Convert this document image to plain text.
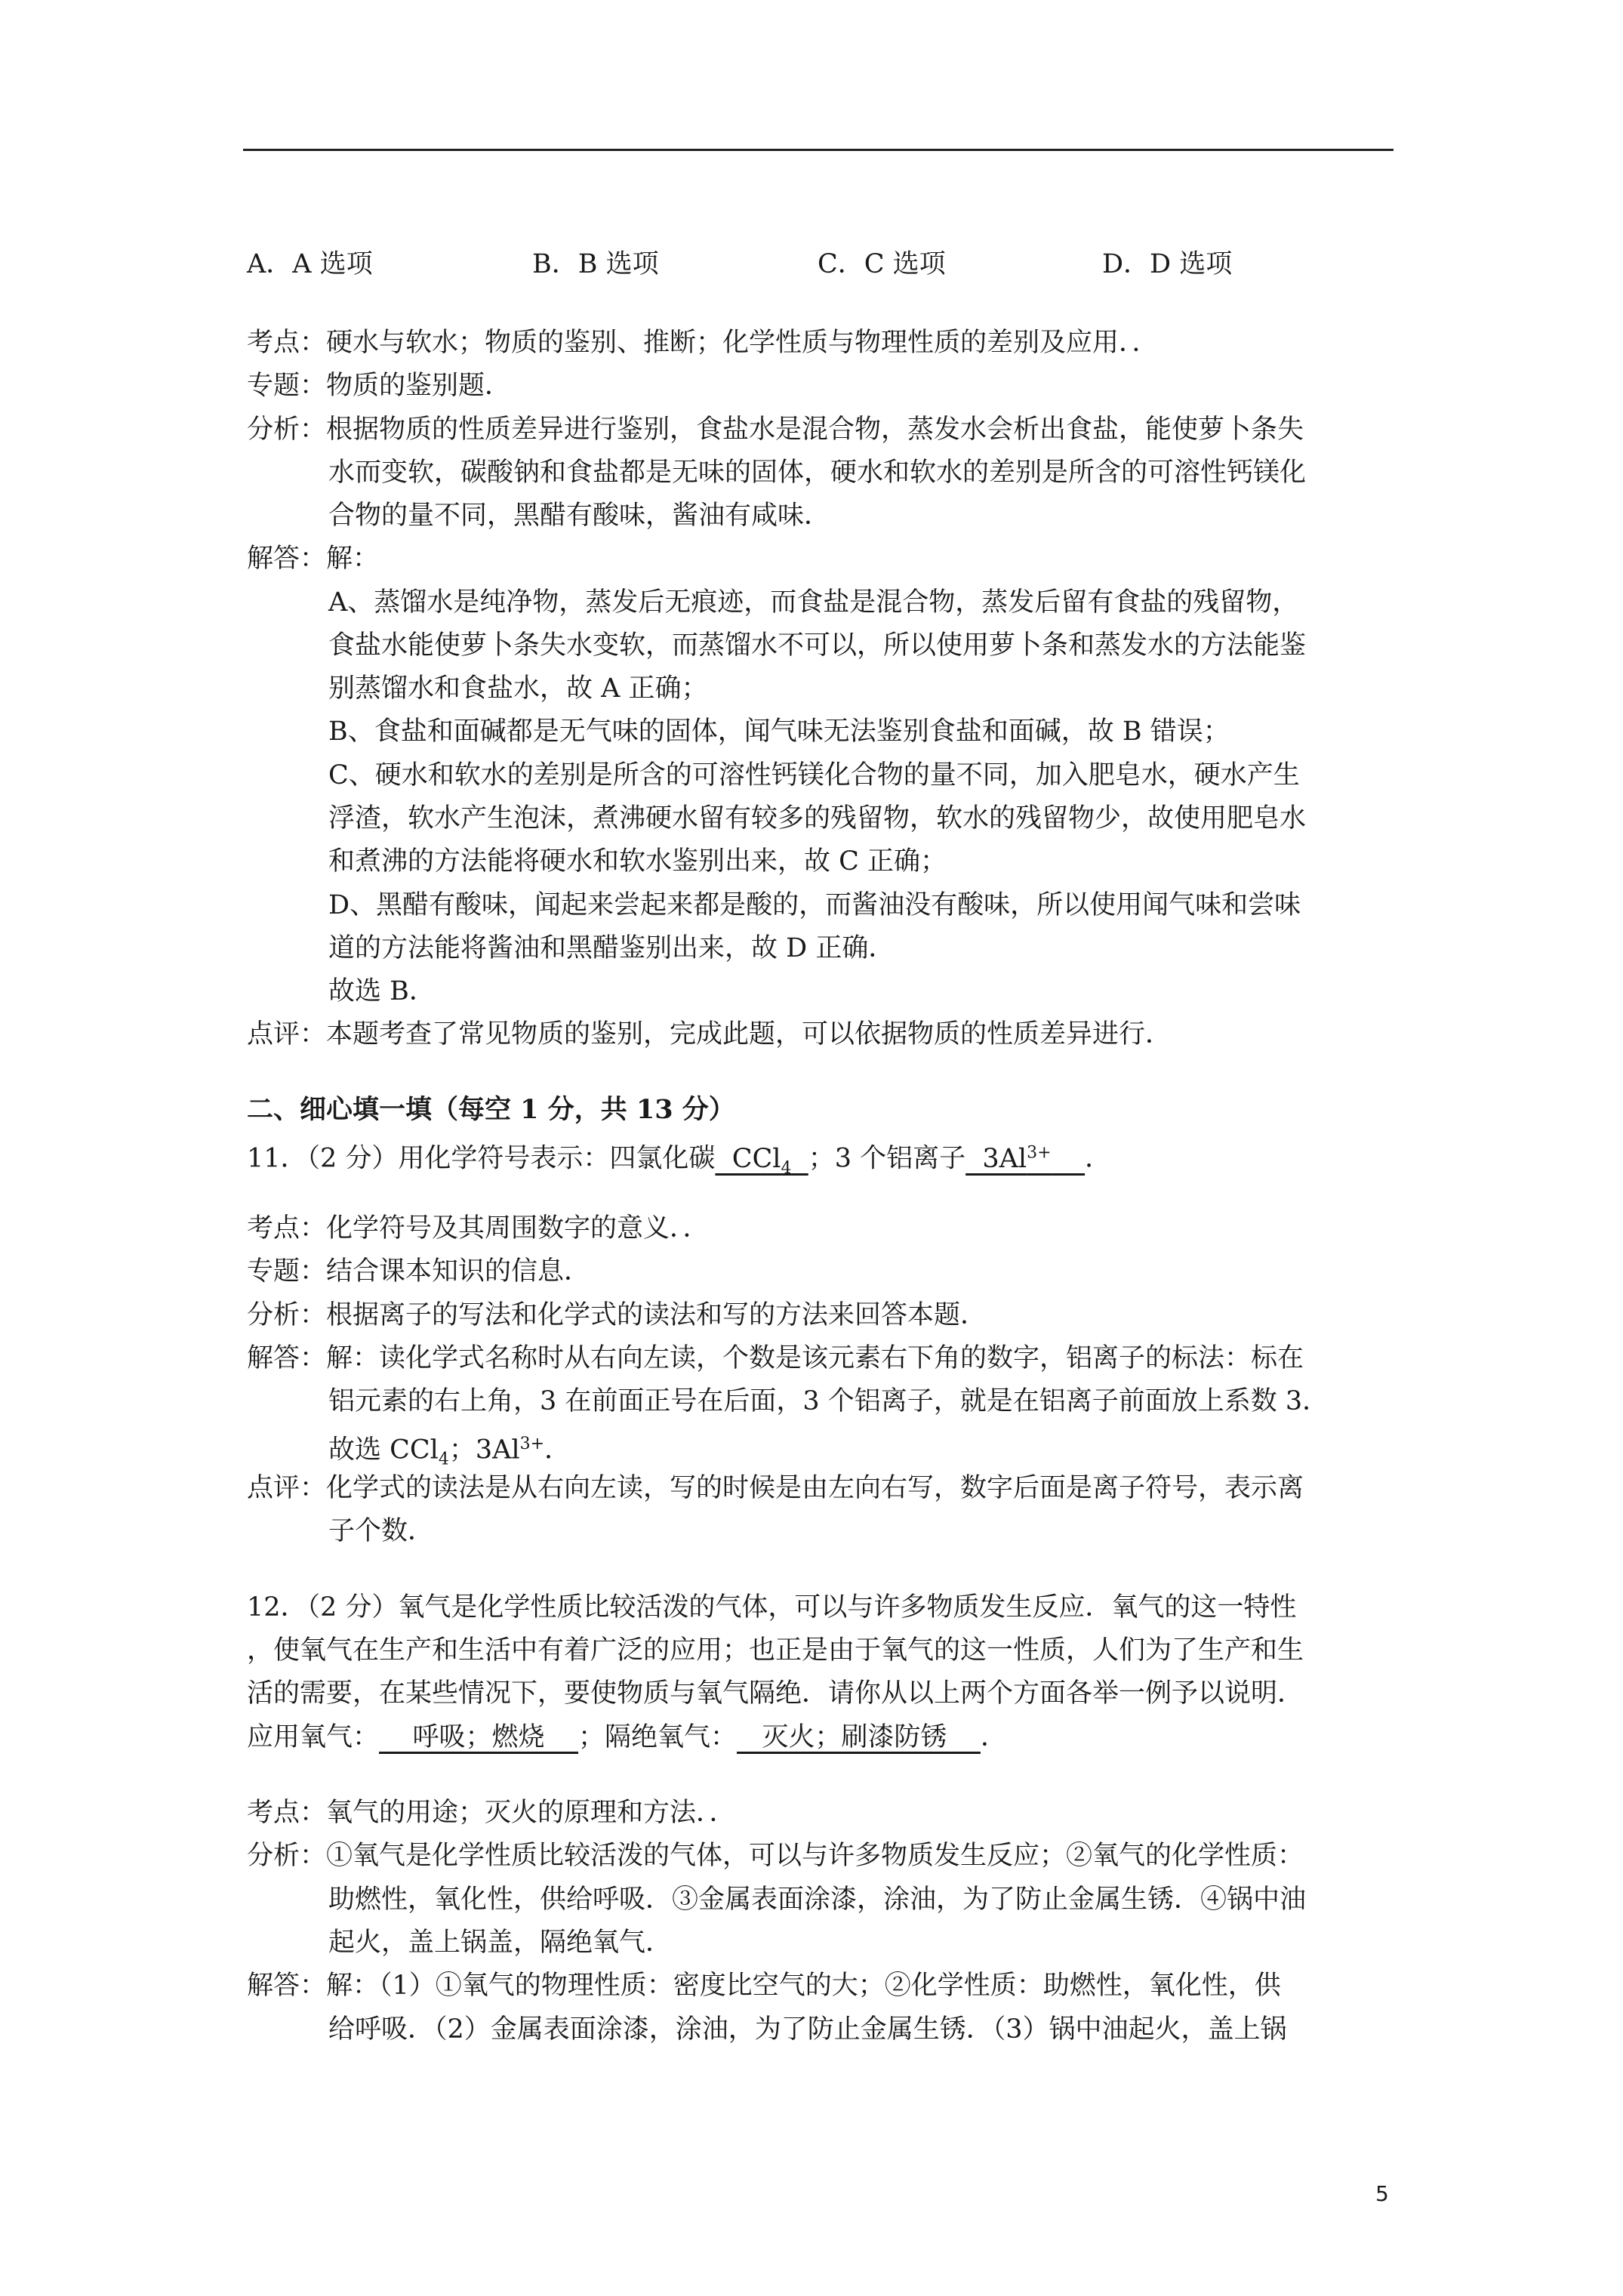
A．A 选项	B．B 选项	C．C 选项	D．D 选项
考点：硬水与软水；物质的鉴别、推断；化学性质与物理性质的差别及应用．．
专题：物质的鉴别题．
分析：根据物质的性质差异进行鉴别，食盐水是混合物，蒸发水会析出食盐，能使萝卜条失
水而变软，碳酸钠和食盐都是无味的固体，硬水和软水的差别是所含的可溶性钙镁化
合物的量不同，黑醋有酸味，酱油有咸味．
解答：解：
A、蒸馏水是纯净物，蒸发后无痕迹，而食盐是混合物，蒸发后留有食盐的残留物，
食盐水能使萝卜条失水变软，而蒸馏水不可以，所以使用萝卜条和蒸发水的方法能鉴
别蒸馏水和食盐水，故 A 正确；
B、食盐和面碱都是无气味的固体，闻气味无法鉴别食盐和面碱，故 B 错误；
C、硬水和软水的差别是所含的可溶性钙镁化合物的量不同，加入肥皂水，硬水产生
浮渣，软水产生泡沫，煮沸硬水留有较多的残留物，软水的残留物少，故使用肥皂水
和煮沸的方法能将硬水和软水鉴别出来，故 C 正确；
D、黑醋有酸味，闻起来尝起来都是酸的，而酱油没有酸味，所以使用闻气味和尝味
道的方法能将酱油和黑醋鉴别出来，故 D 正确．
故选 B．
点评：本题考查了常见物质的鉴别，完成此题，可以依据物质的性质差异进行．
二、细心填一填（每空 1 分，共 13 分）
11．（2 分）用化学符号表示：四氯化碳  CCl$_4$ ；3 个铝离子  $3Al^{3+}$ ．
考点：化学符号及其周围数字的意义．．
专题：结合课本知识的信息．
分析：根据离子的写法和化学式的读法和写的方法来回答本题．
解答：解：读化学式名称时从右向左读，个数是该元素右下角的数字，铝离子的标法：标在
铝元素的右上角，3 在前面正号在后面，3 个铝离子，就是在铝离子前面放上系数 3．
故选 CCl$_4$；$3Al^{3+}$．
点评：化学式的读法是从右向左读，写的时候是由左向右写，数字后面是离子符号，表示离
子个数．
12．（2 分）氧气是化学性质比较活泼的气体，可以与许多物质发生反应．氧气的这一特性
，使氧气在生产和生活中有着广泛的应用；也正是由于氧气的这一性质，人们为了生产和生
活的需要，在某些情况下，要使物质与氧气隔绝．请你从以上两个方面各举一例予以说明．
应用氧气：    呼吸；燃烧    ；隔绝氧气：   灭火；刷漆防锈    ．
考点：氧气的用途；灭火的原理和方法．．
分析：①氧气是化学性质比较活泼的气体，可以与许多物质发生反应；②氧气的化学性质：
助燃性，氧化性，供给呼吸．③金属表面涂漆，涂油，为了防止金属生锈．④锅中油
起火，盖上锅盖，隔绝氧气．
解答：解：（1）①氧气的物理性质：密度比空气的大；②化学性质：助燃性，氧化性，供
给呼吸．（2）金属表面涂漆，涂油，为了防止金属生锈．（3）锅中油起火，盖上锅
5
